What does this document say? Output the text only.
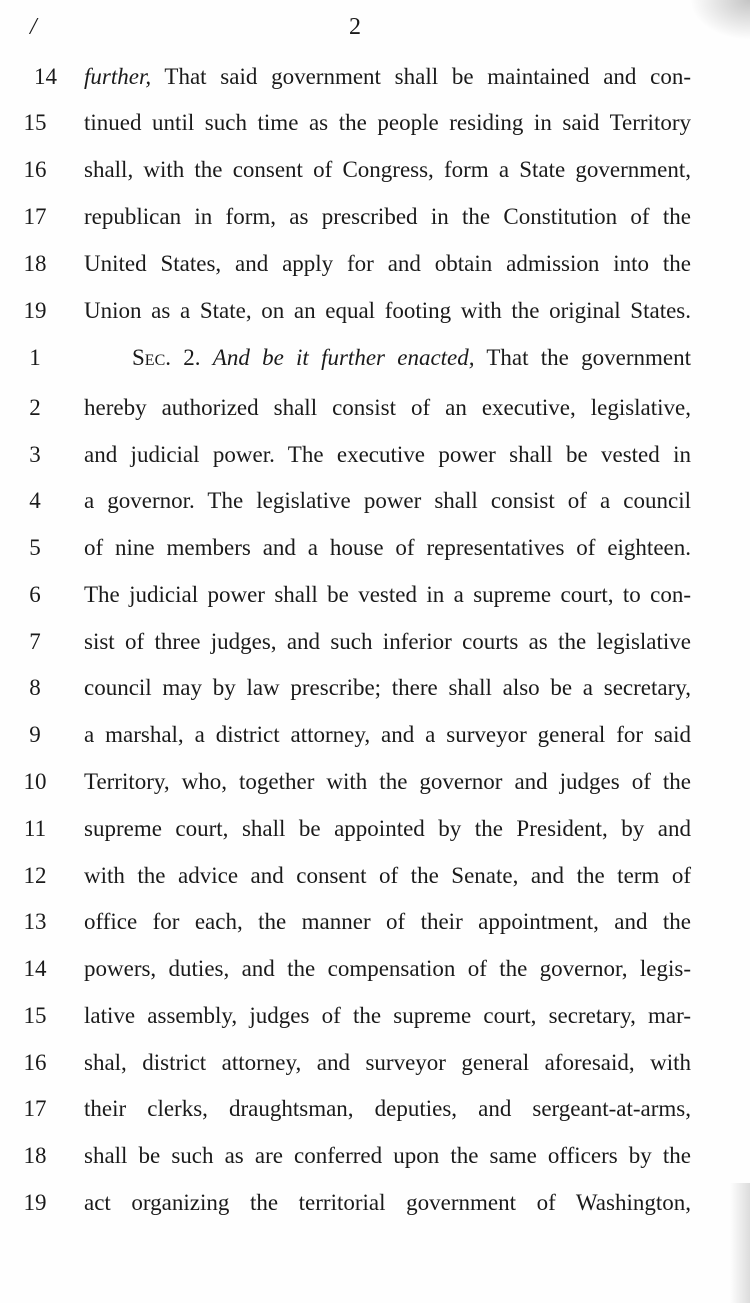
/	2
14 further, That said government shall be maintained and con-
15	tinued until such time as the people residing in said Territory
16	shall, with the consent of Congress, form a State government,
17	republican in form, as prescribed in the Constitution of the
18	United States, and apply for and obtain admission into the
19	Union as a State, on an equal footing with the original States.
1	Sec. 2. And be it further enacted, That the government
2	hereby authorized shall consist of an executive, legislative,
3	and judicial power. The executive power shall be vested in
4	a governor. The legislative power shall consist of a council
5	of nine members and a house of representatives of eighteen.
6	The judicial power shall be vested in a supreme court, to con-
7	sist of three judges, and such inferior courts as the legislative
8	council may by law prescribe; there shall also be a secretary,
9	a marshal, a district attorney, and a surveyor general for said
10	Territory, who, together with the governor and judges of the
11	supreme court, shall be appointed by the President, by and
12	with the advice and consent of the Senate, and the term of
13	office for each, the manner of their appointment, and the
14	powers, duties, and the compensation of the governor, legis-
15	lative assembly, judges of the supreme court, secretary, mar-
16	shal, district attorney, and surveyor general aforesaid, with
17	their clerks, draughtsman, deputies, and sergeant-at-arms,
18	shall be such as are conferred upon the same officers by the
19	act organizing the territorial government of Washington,
